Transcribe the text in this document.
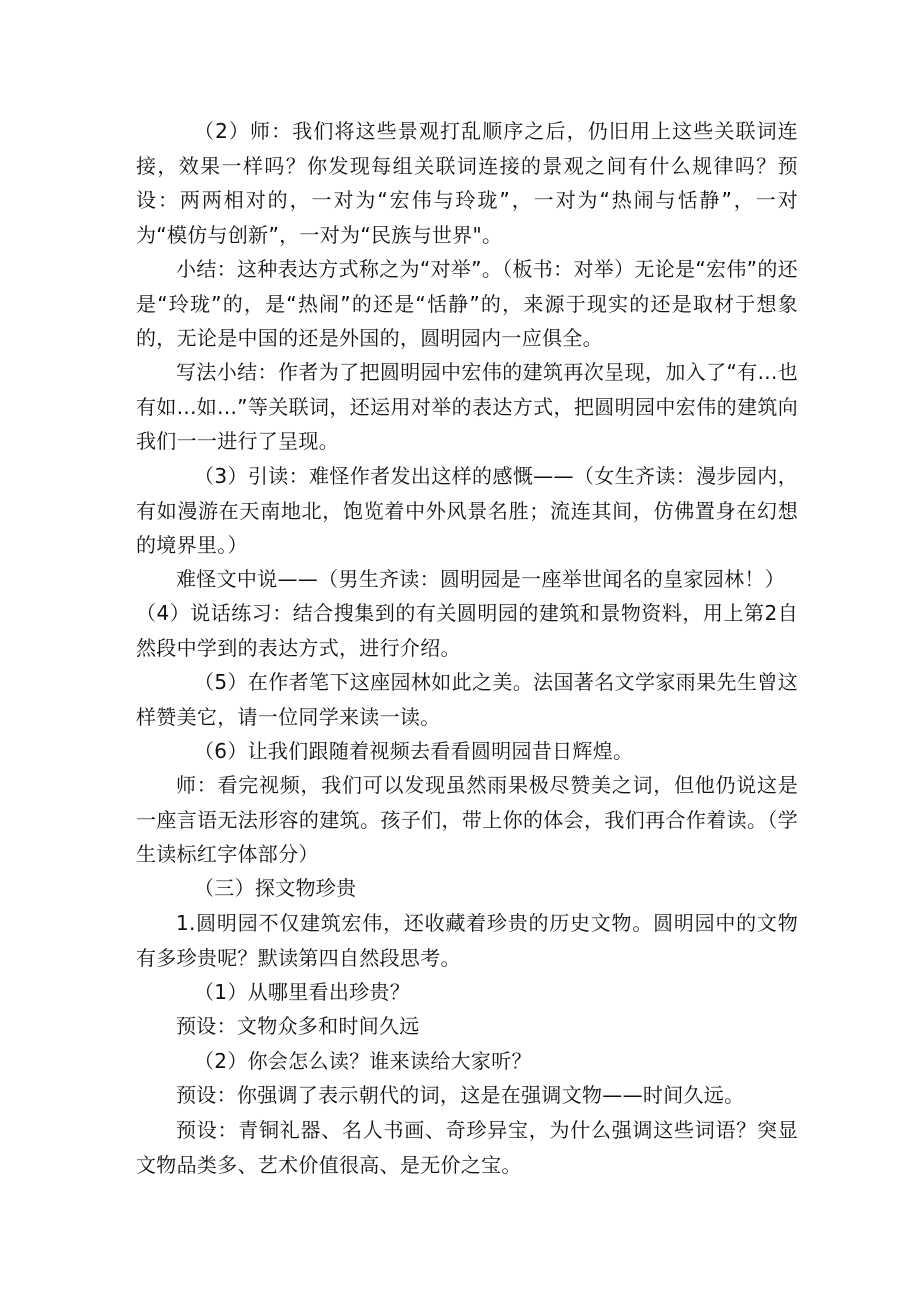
（2）师：我们将这些景观打乱顺序之后，仍旧用上这些关联词连接，效果一样吗？你发现每组关联词连接的景观之间有什么规律吗？预设：两两相对的，一对为“宏伟与玲珑”，一对为“热闹与恬静”，一对为“模仿与创新”，一对为“民族与世界"。

小结：这种表达方式称之为“对举”。（板书：对举）无论是“宏伟”的还是“玲珑”的，是“热闹”的还是“恬静”的，来源于现实的还是取材于想象的，无论是中国的还是外国的，圆明园内一应俱全。

写法小结：作者为了把圆明园中宏伟的建筑再次呈现，加入了“有...也有如...如...”等关联词，还运用对举的表达方式，把圆明园中宏伟的建筑向我们一一进行了呈现。

（3）引读：难怪作者发出这样的感慨——（女生齐读：漫步园内，有如漫游在天南地北，饱览着中外风景名胜；流连其间，仿佛置身在幻想的境界里。）

难怪文中说——（男生齐读：圆明园是一座举世闻名的皇家园林！）

（4）说话练习：结合搜集到的有关圆明园的建筑和景物资料，用上第2自然段中学到的表达方式，进行介绍。

（5）在作者笔下这座园林如此之美。法国著名文学家雨果先生曾这样赞美它，请一位同学来读一读。

（6）让我们跟随着视频去看看圆明园昔日辉煌。

师：看完视频，我们可以发现虽然雨果极尽赞美之词，但他仍说这是一座言语无法形容的建筑。孩子们，带上你的体会，我们再合作着读。（学生读标红字体部分）

（三）探文物珍贵

1.圆明园不仅建筑宏伟，还收藏着珍贵的历史文物。圆明园中的文物有多珍贵呢？默读第四自然段思考。

（1）从哪里看出珍贵？

预设：文物众多和时间久远

（2）你会怎么读？谁来读给大家听？

预设：你强调了表示朝代的词，这是在强调文物——时间久远。

预设：青铜礼器、名人书画、奇珍异宝，为什么强调这些词语？突显文物品类多、艺术价值很高、是无价之宝。
